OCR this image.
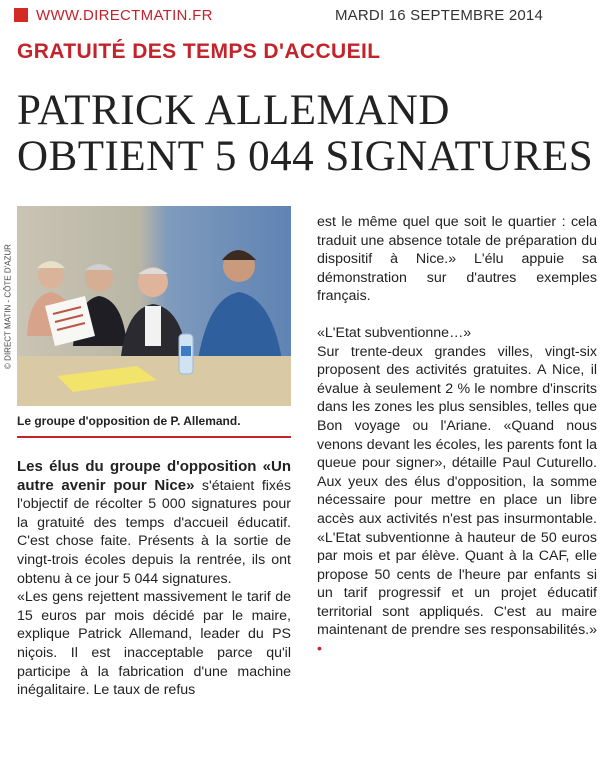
WWW.DIRECTMATIN.FR	MARDI 16 SEPTEMBRE 2014
GRATUITÉ DES TEMPS D'ACCUEIL
PATRICK ALLEMAND
OBTIENT 5 044 SIGNATURES
© DIRECT MATIN - CÔTE D'AZUR
Le groupe d'opposition de P. Allemand.

Les élus du groupe d'opposition «Un autre avenir pour Nice» s'étaient fixés l'objectif de récolter 5 000 signatures pour la gratuité des temps d'accueil éducatif. C'est chose faite. Présents à la sortie de vingt-trois écoles depuis la rentrée, ils ont obtenu à ce jour 5 044 signatures.

«Les gens rejettent massivement le tarif de 15 euros par mois décidé par le maire, explique Patrick Allemand, leader du PS niçois. Il est inacceptable parce qu'il participe à la fabrication d'une machine inégalitaire. Le taux de refus

est le même quel que soit le quartier : cela traduit une absence totale de préparation du dispositif à Nice.» L'élu appuie sa démonstration sur d'autres exemples français.

«L'Etat subventionne…»

Sur trente-deux grandes villes, vingt-six proposent des activités gratuites. A Nice, il évalue à seulement 2 % le nombre d'inscrits dans les zones les plus sensibles, telles que Bon voyage ou l'Ariane. «Quand nous venons devant les écoles, les parents font la queue pour signer», détaille Paul Cuturello. Aux yeux des élus d'opposition, la somme nécessaire pour mettre en place un libre accès aux activités n'est pas insurmontable. «L'Etat subventionne à hauteur de 50 euros par mois et par élève. Quant à la CAF, elle propose 50 cents de l'heure par enfants si un tarif progressif et un projet éducatif territorial sont appliqués. C'est au maire maintenant de prendre ses responsabilités.» •
